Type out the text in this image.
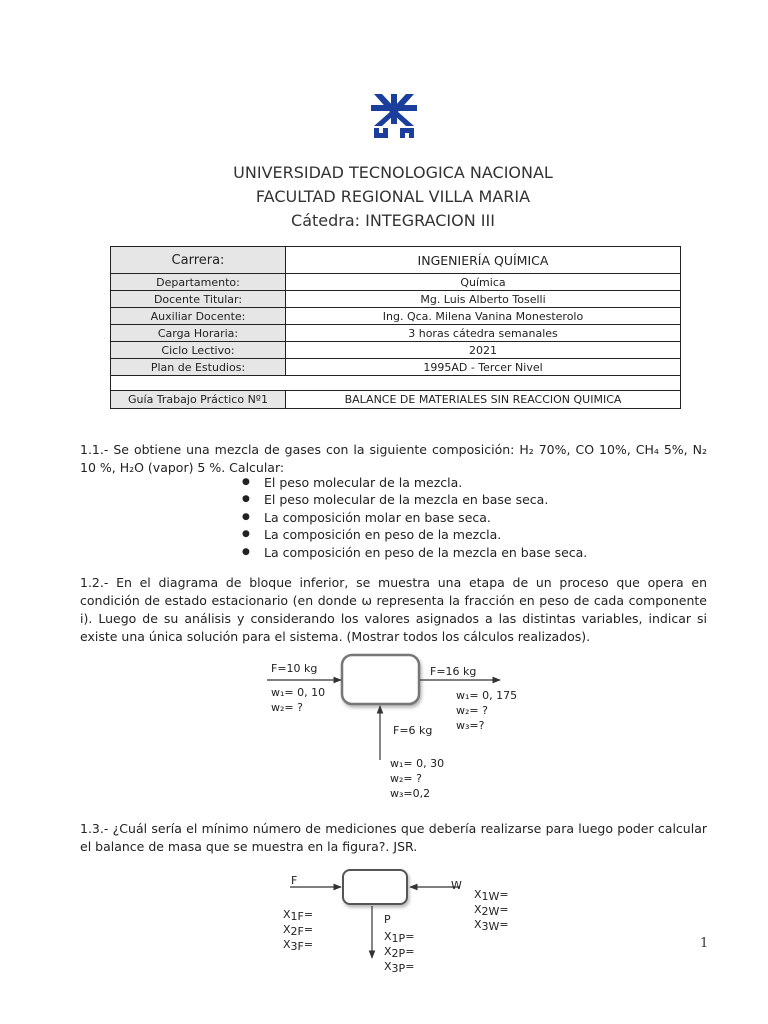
UNIVERSIDAD TECNOLOGICA NACIONAL
FACULTAD REGIONAL VILLA MARIA
Cátedra: INTEGRACION III
Carrera:	INGENIERÍA QUÍMICA
Departamento:	Química
Docente Titular:	Mg. Luis Alberto Toselli
Auxiliar Docente:	Ing. Qca. Milena Vanina Monesterolo
Carga Horaria:	3 horas cátedra semanales
Ciclo Lectivo:	2021
Plan de Estudios:	1995AD - Tercer Nivel

Guía Trabajo Práctico Nº1	BALANCE DE MATERIALES SIN REACCION QUIMICA
1.1.- Se obtiene una mezcla de gases con la siguiente composición: H₂ 70%, CO 10%, CH₄ 5%, N₂ 10 %, H₂O (vapor) 5 %. Calcular:
● El peso molecular de la mezcla.
● El peso molecular de la mezcla en base seca.
● La composición molar en base seca.
● La composición en peso de la mezcla.
● La composición en peso de la mezcla en base seca.
1.2.- En el diagrama de bloque inferior, se muestra una etapa de un proceso que opera en condición de estado estacionario (en donde ω representa la fracción en peso de cada componente i). Luego de su análisis y considerando los valores asignados a las distintas variables, indicar si existe una única solución para el sistema. (Mostrar todos los cálculos realizados).
F=10 kg
w₁= 0, 10
w₂= ?
F=16 kg
w₁= 0, 175
w₂= ?
w₃=?
F=6 kg
w₁= 0, 30
w₂= ?
w₃=0,2
1.3.- ¿Cuál sería el mínimo número de mediciones que debería realizarse para luego poder calcular el balance de masa que se muestra en la figura?. JSR.
F	W
P
X1F=
X2F=
X3F=
X1W=
X2W=
X3W=
X1P=
X2P=
X3P=
1
